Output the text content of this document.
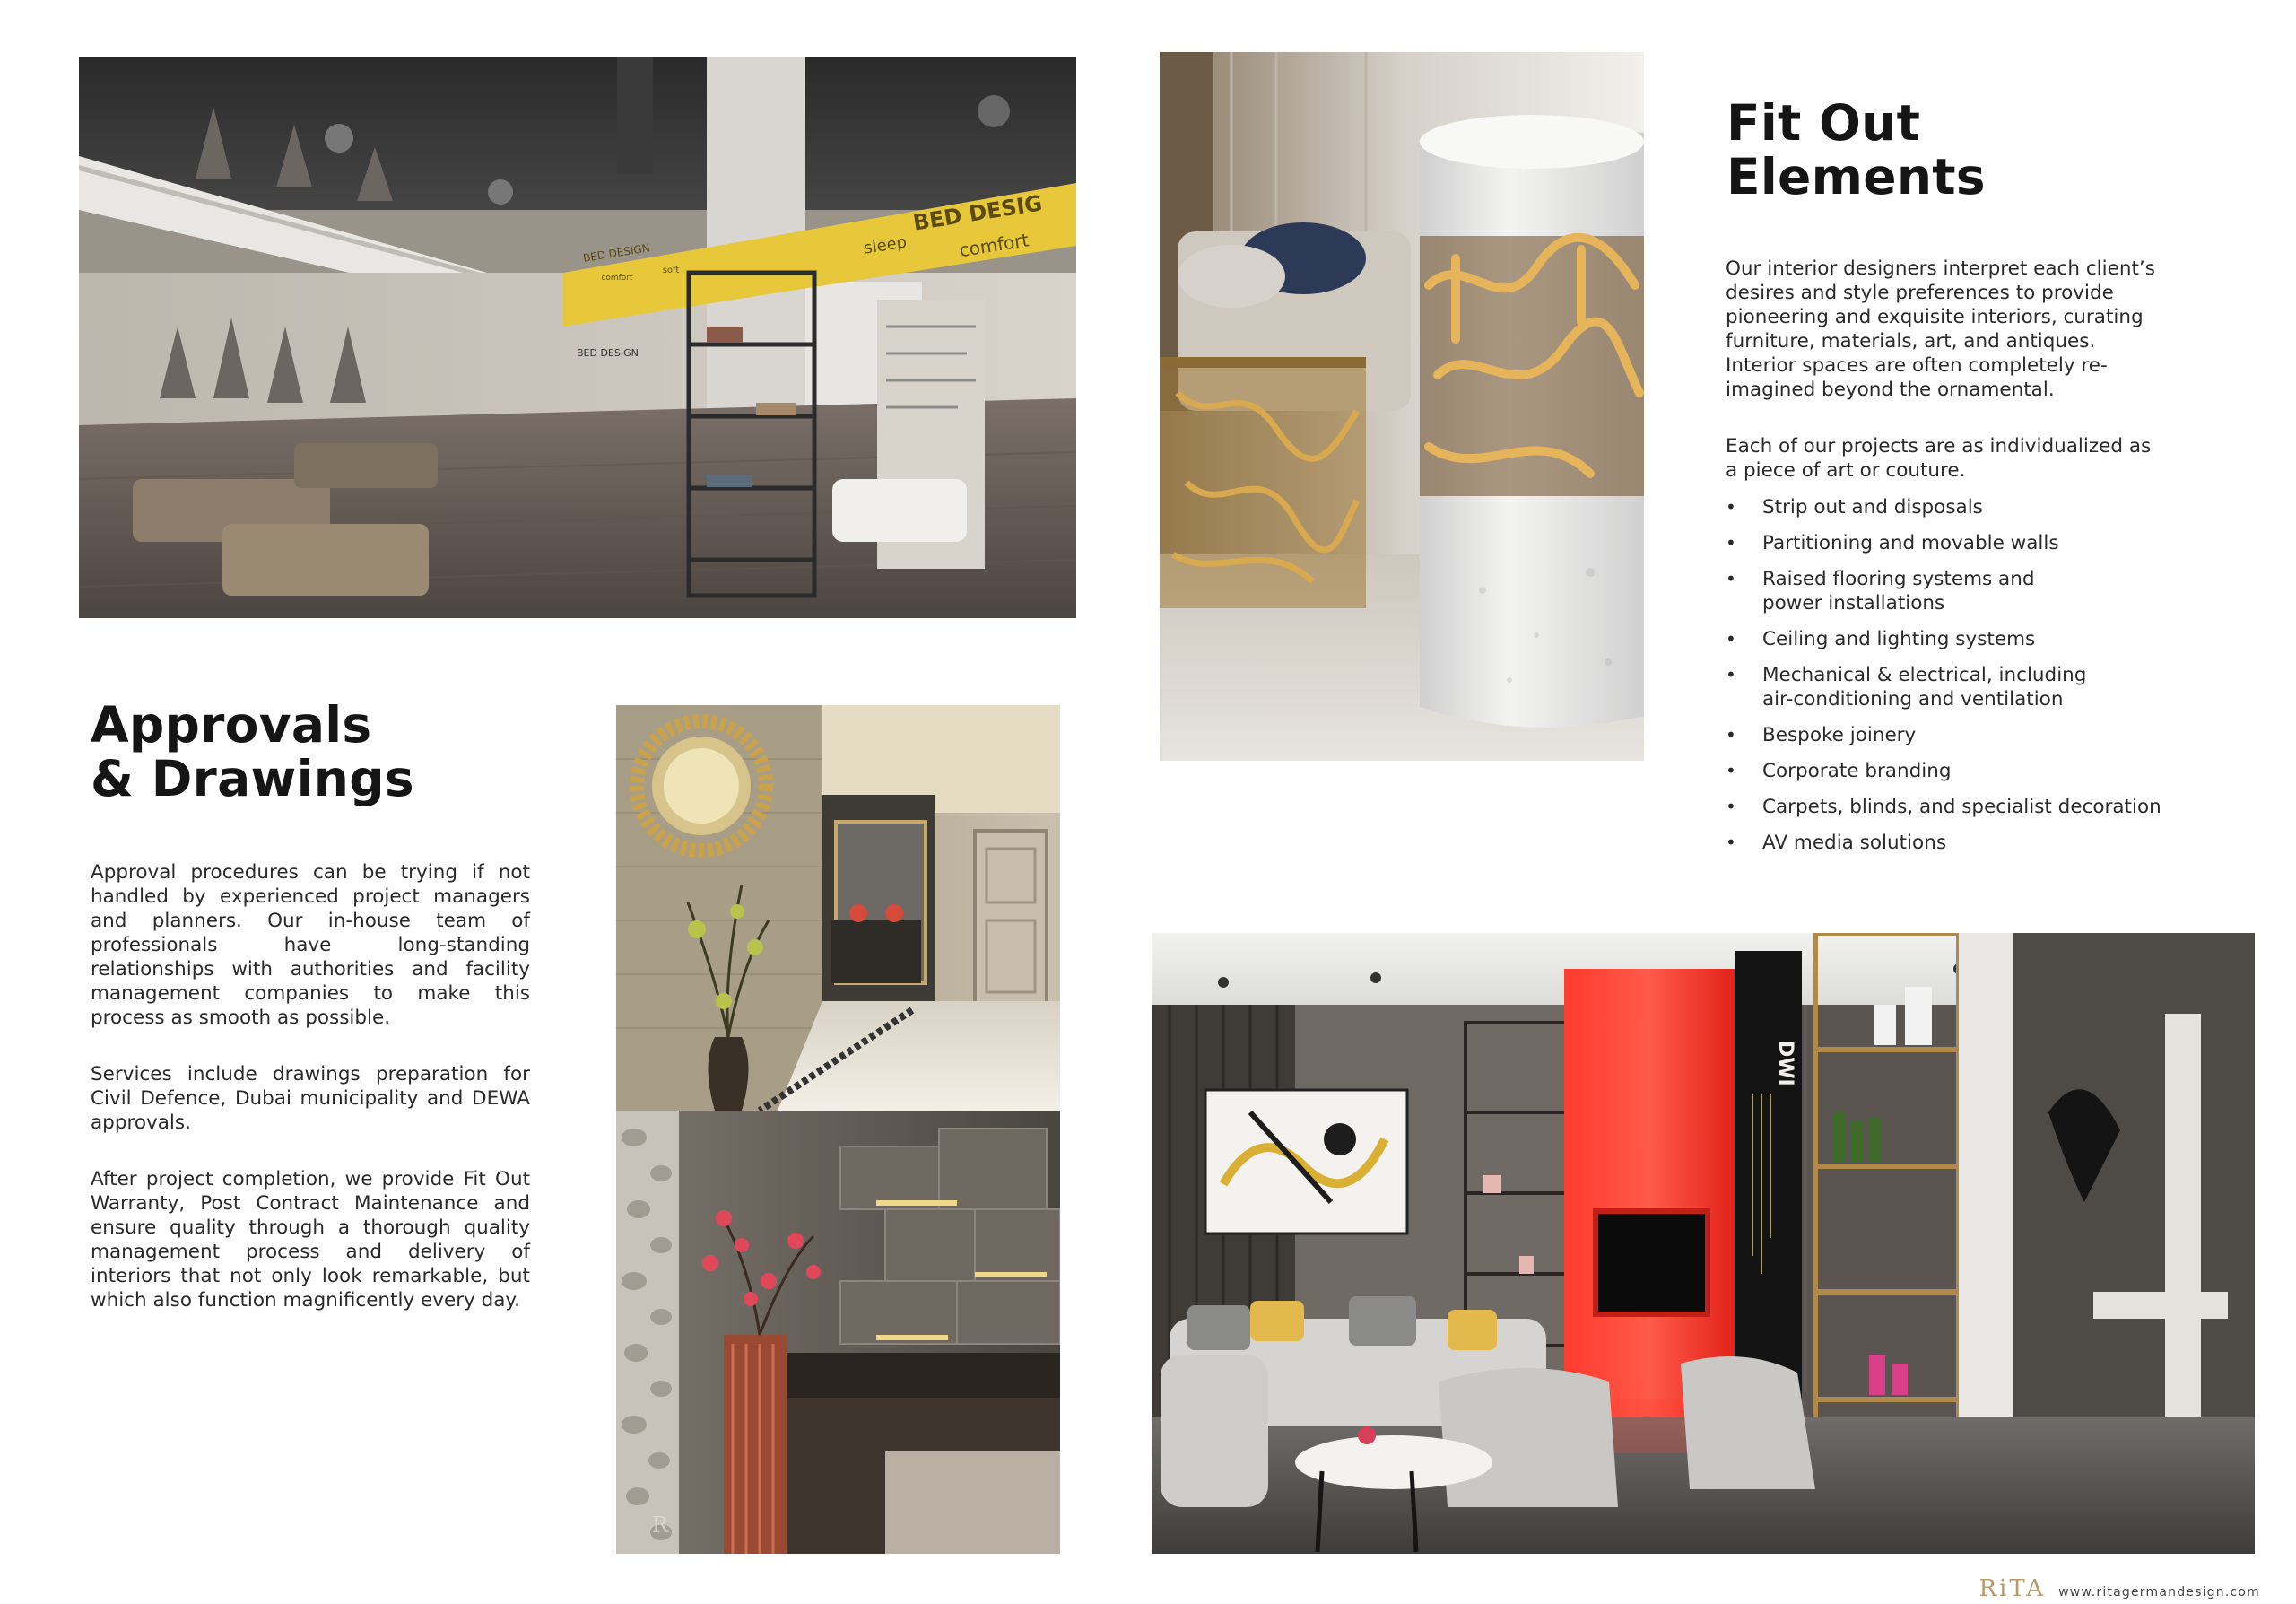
BED DESIG
sleep	comfort
BED DESIGN
soft
comfort
BED DESIGN
Fit Out
Elements

Our interior designers interpret each client’s desires and style preferences to provide pioneering and exquisite interiors, curating furniture, materials, art, and antiques. Interior spaces are often completely re-imagined beyond the ornamental.

Each of our projects are as individualized as a piece of art or couture.

• Strip out and disposals
• Partitioning and movable walls
• Raised flooring systems and
power installations
• Ceiling and lighting systems
• Mechanical & electrical, including
air-conditioning and ventilation
• Bespoke joinery
• Corporate branding
• Carpets, blinds, and specialist decoration
• AV media solutions
Approvals
& Drawings

Approval procedures can be trying if not handled by experienced project managers and planners. Our in-house team of professionals have long-standing relationships with authorities and facility management companies to make this process as smooth as possible.

Services include drawings preparation for Civil Defence, Dubai municipality and DEWA approvals.

After project completion, we provide Fit Out Warranty, Post Contract Maintenance and ensure quality through a thorough quality management process and delivery of interiors that not only look remarkable, but which also function magnificently every day.

R
DWI
RiTA www.ritagermandesign.com
